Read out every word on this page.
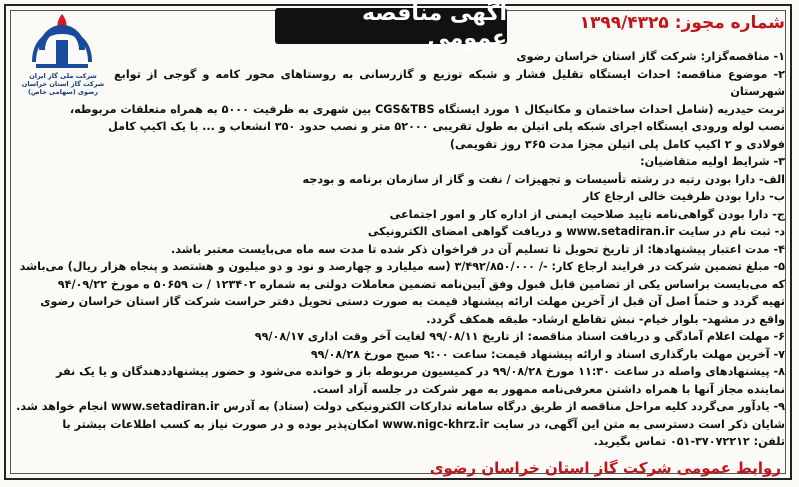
شرکت ملی گاز ایران
شرکت گاز استان خراسان رضوی (سهامی خاص)
آگهی مناقصه عمومی
شماره مجوز: ۱۳۹۹/۴۳۲۵

۱- مناقصه‌گزار: شرکت گاز استان خراسان رضوی

۲- موضوع مناقصه: احداث ایستگاه تقلیل فشار و شبکه توزیع و گازرسانی به روستاهای محور کامه و گوجی از توابع شهرستان

تربت حیدریه (شامل احداث ساختمان و مکانیکال ۱ مورد ایستگاه CGS&TBS بین شهری به ظرفیت ۵۰۰۰ به همراه متعلقات مربوطه،

نصب لوله ورودی ایستگاه اجرای شبکه پلی اتیلن به طول تقریبی ۵۲۰۰۰ متر و نصب حدود ۳۵۰ انشعاب و ... با یک اکیپ کامل

فولادی و ۲ اکیپ کامل پلی اتیلن مجزا مدت ۳۶۵ روز تقویمی)

۳- شرایط اولیه متقاضیان:

الف- دارا بودن رتبه در رشته تأسیسات و تجهیزات / نفت و گاز از سازمان برنامه و بودجه

ب- دارا بودن ظرفیت خالی ارجاع کار

ج- دارا بودن گواهی‌نامه تایید صلاحیت ایمنی از اداره کار و امور اجتماعی

د- ثبت نام در سایت www.setadiran.ir و دریافت گواهی امضای الکترونیکی

۴- مدت اعتبار پیشنهادها: از تاریخ تحویل تا تسلیم آن در فراخوان ذکر شده تا مدت سه ماه می‌بایست معتبر باشد.

۵- مبلغ تضمین شرکت در فرایند ارجاع کار: -/ ۳/۴۹۲/۸۵۰/۰۰۰ (سه میلیارد و چهارصد و نود و دو میلیون و هشتصد و پنجاه هزار ریال) می‌باشد

که می‌بایست براساس یکی از تضامین قابل قبول وفق آیین‌نامه تضمین معاملات دولتی به شماره ۱۲۳۴۰۲ / ت ۵۰۶۵۹ ه مورخ ۹۴/۰۹/۲۲

تهیه گردد و حتماً اصل آن قبل از آخرین مهلت ارائه پیشنهاد قیمت به صورت دستی تحویل دفتر حراست شرکت گاز استان خراسان رضوی

واقع در مشهد- بلوار خیام- نبش تقاطع ارشاد- طبقه همکف گردد.

۶- مهلت اعلام آمادگی و دریافت اسناد مناقصه: از تاریخ ۹۹/۰۸/۱۱ لغایت آخر وقت اداری ۹۹/۰۸/۱۷

۷- آخرین مهلت بارگذاری اسناد و ارائه پیشنهاد قیمت: ساعت ۹:۰۰ صبح مورخ ۹۹/۰۸/۲۸

۸- پیشنهادهای واصله در ساعت ۱۱:۳۰ مورخ ۹۹/۰۸/۲۸ در کمیسیون مربوطه باز و خوانده می‌شود و حضور پیشنهاددهندگان و یا یک نفر

نماینده مجاز آنها با همراه داشتن معرفی‌نامه ممهور به مهر شرکت در جلسه آزاد است.

۹- یادآور می‌گردد کلیه مراحل مناقصه از طریق درگاه سامانه تدارکات الکترونیکی دولت (ستاد) به آدرس www.setadiran.ir انجام خواهد شد.

شایان ذکر است دسترسی به متن این آگهی، در سایت www.nigc-khrz.ir امکان‌پذیر بوده و در صورت نیاز به کسب اطلاعات بیشتر با

تلفن: ۳۷۰۷۲۲۱۲-۰۵۱ تماس بگیرید.

روابط عمومی شرکت گاز استان خراسان رضوی
